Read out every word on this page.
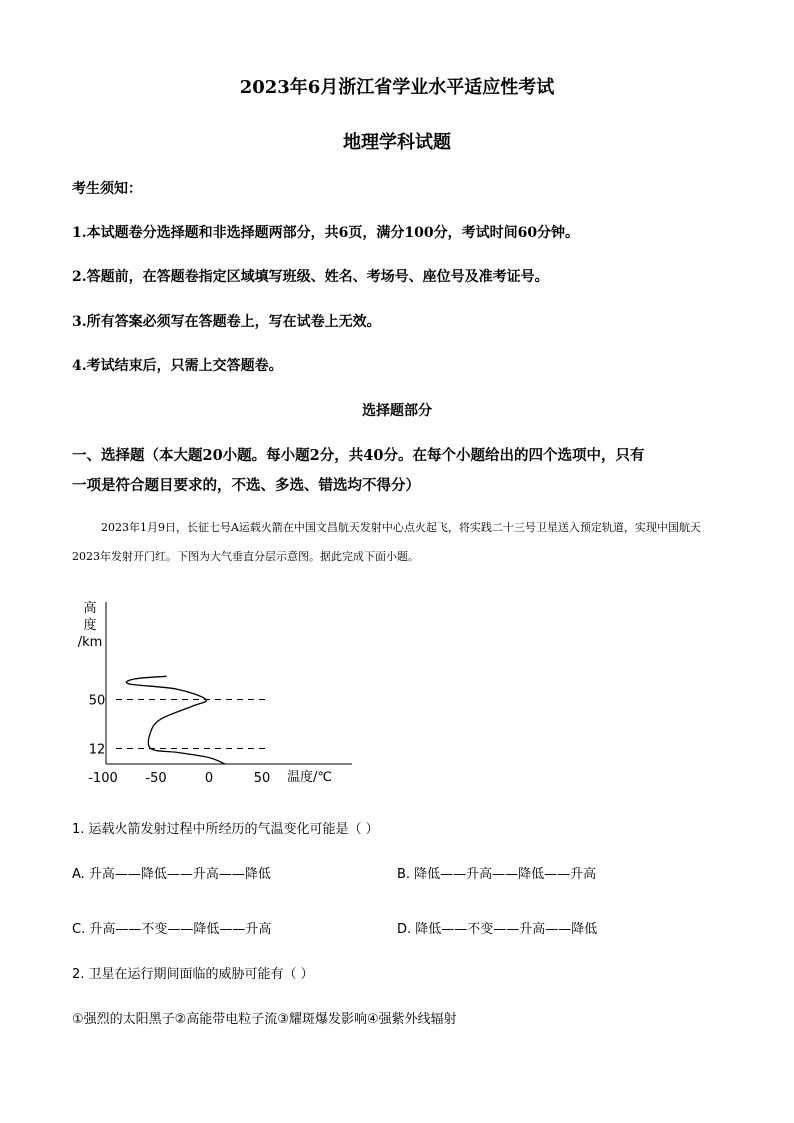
2023年6月浙江省学业水平适应性考试
地理学科试题
考生须知：
1.本试题卷分选择题和非选择题两部分，共6页，满分100分，考试时间60分钟。
2.答题前，在答题卷指定区域填写班级、姓名、考场号、座位号及准考证号。
3.所有答案必须写在答题卷上，写在试卷上无效。
4.考试结束后，只需上交答题卷。
选择题部分
一、选择题（本大题20小题。每小题2分，共40分。在每个小题给出的四个选项中，只有
一项是符合题目要求的，不选、多选、错选均不得分）
2023年1月9日，长征七号A运载火箭在中国文昌航天发射中心点火起飞，将实践二十三号卫星送入预定轨道，实现中国航天2023年发射开门红。下图为大气垂直分层示意图。据此完成下面小题。
高
度
/km
12
50
-100 -50	0	50 温度/℃
1. 运载火箭发射过程中所经历的气温变化可能是（ ）
A. 升高——降低——升高——降低	B. 降低——升高——降低——升高
C. 升高——不变——降低——升高	D. 降低——不变——升高——降低
2. 卫星在运行期间面临的威胁可能有（ ）
①强烈的太阳黑子②高能带电粒子流③耀斑爆发影响④强紫外线辐射
